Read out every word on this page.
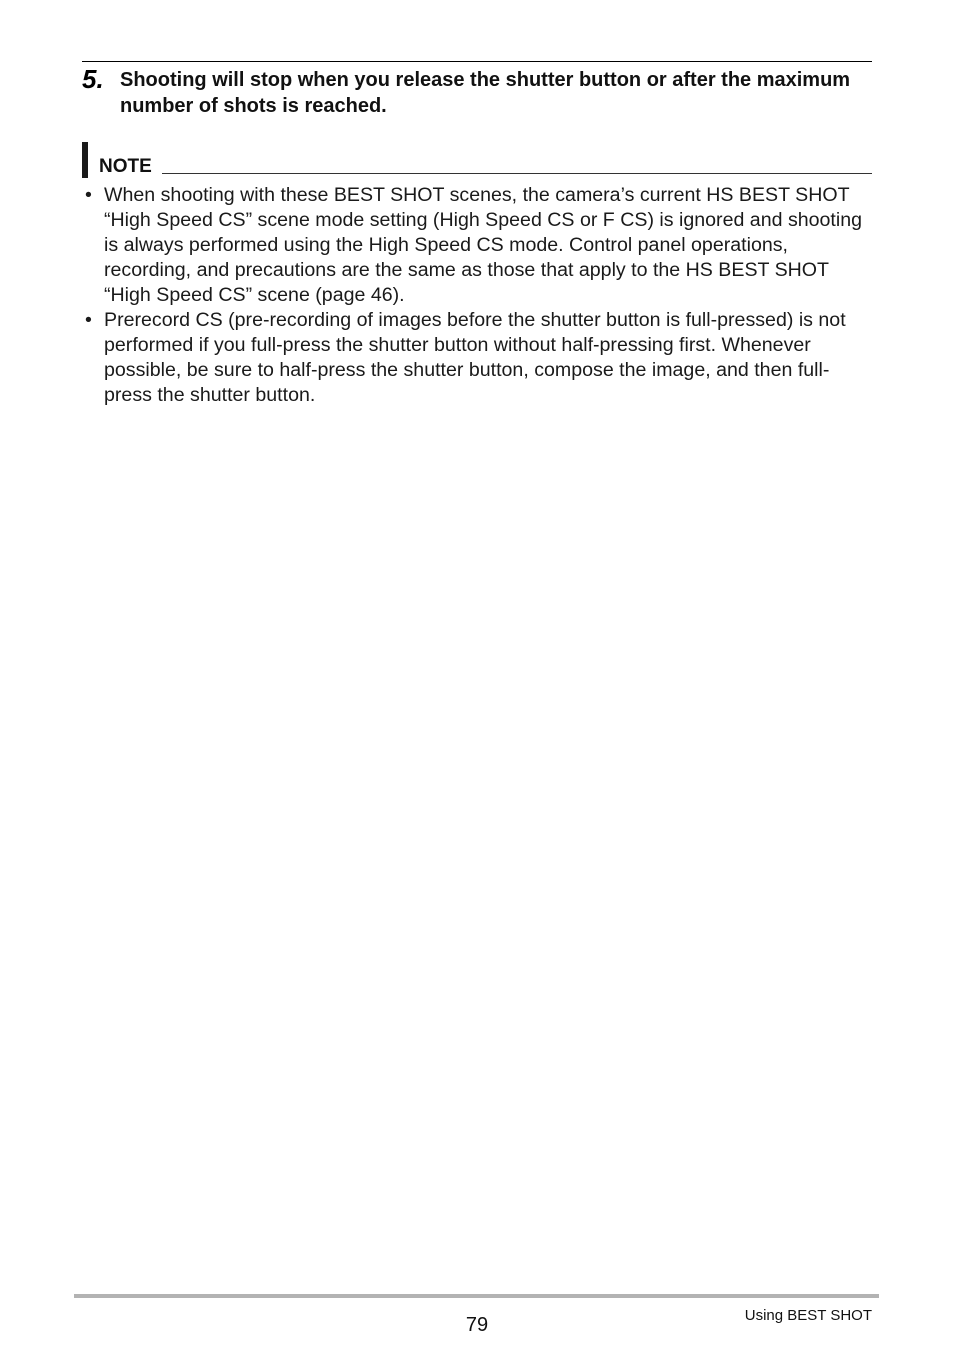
5. Shooting will stop when you release the shutter button or after the maximum number of shots is reached.
NOTE
• When shooting with these BEST SHOT scenes, the camera’s current HS BEST SHOT “High Speed CS” scene mode setting (High Speed CS or F CS) is ignored and shooting is always performed using the High Speed CS mode. Control panel operations, recording, and precautions are the same as those that apply to the HS BEST SHOT “High Speed CS” scene (page 46).
• Prerecord CS (pre-recording of images before the shutter button is full-pressed) is not performed if you full-press the shutter button without half-pressing first. Whenever possible, be sure to half-press the shutter button, compose the image, and then full-press the shutter button.
79	Using BEST SHOT
